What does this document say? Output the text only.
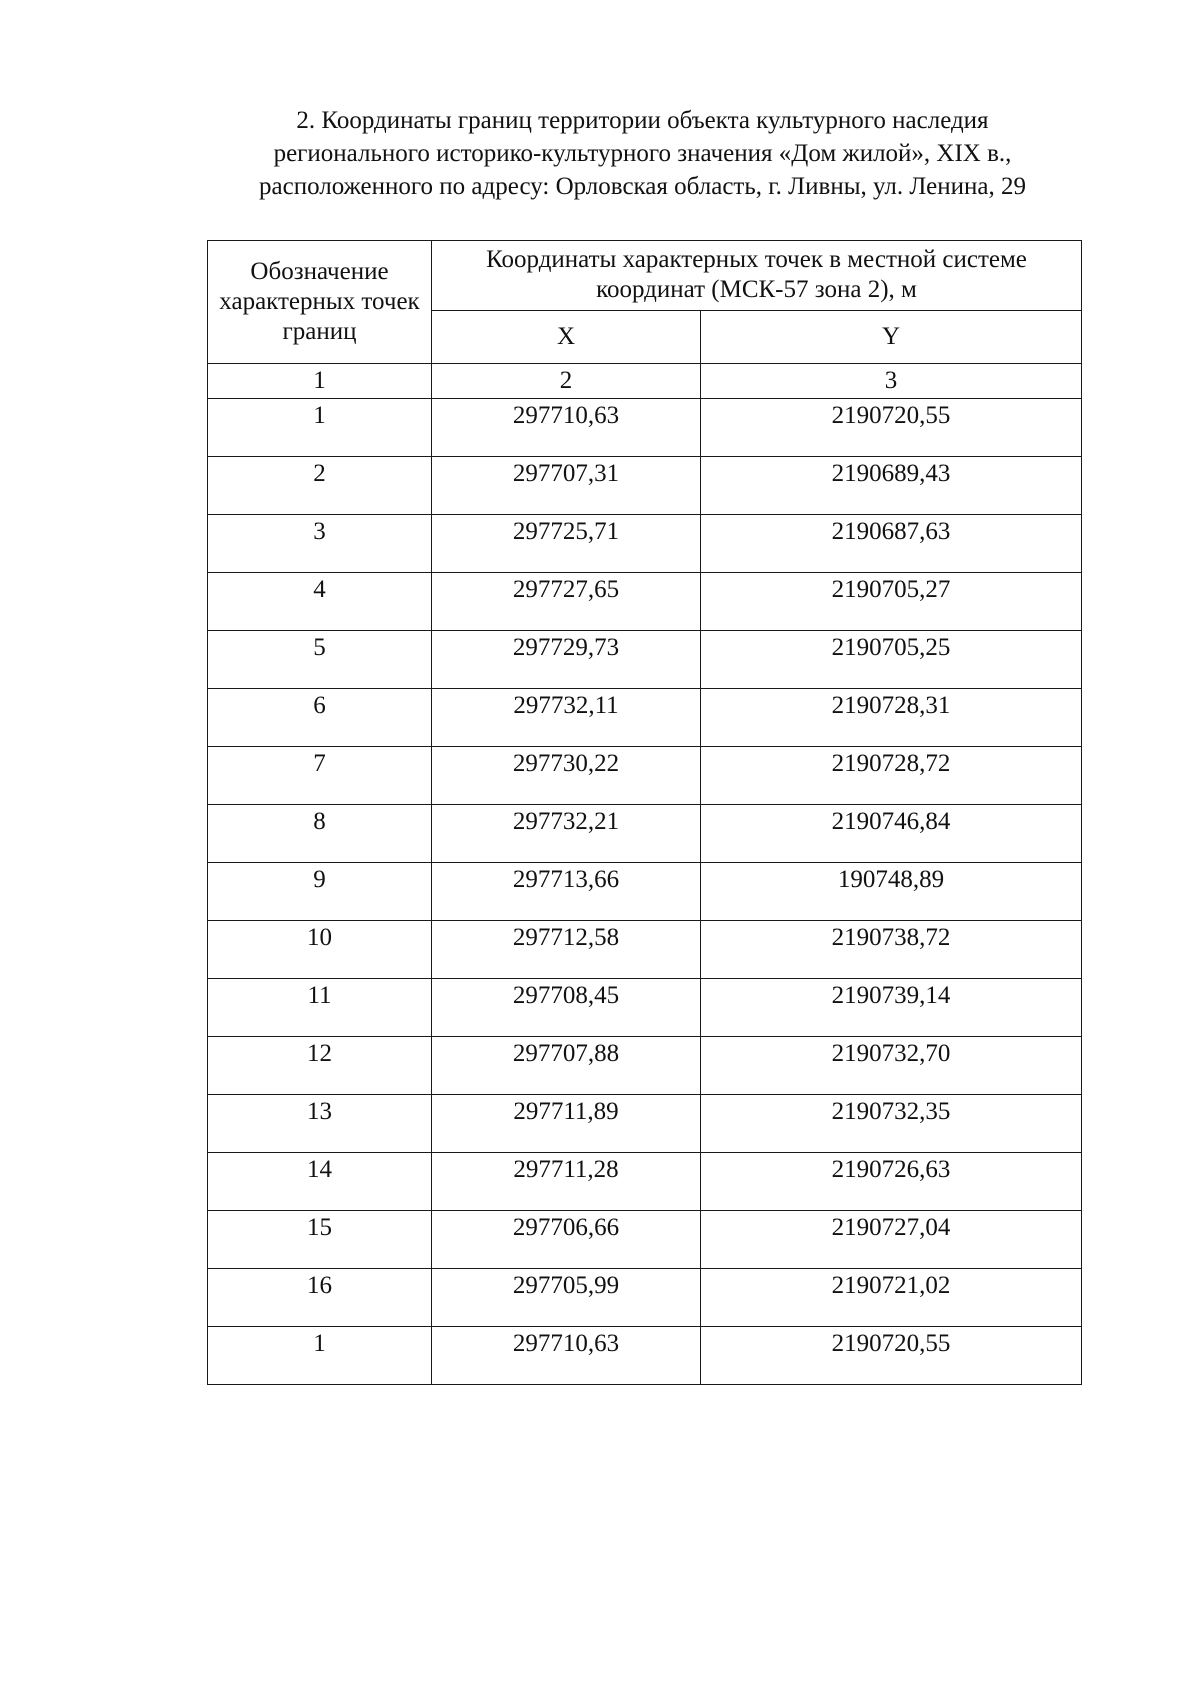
2. Координаты границ территории объекта культурного наследия
регионального историко-культурного значения «Дом жилой», XIX в.,
расположенного по адресу: Орловская область, г. Ливны, ул. Ленина, 29
Обозначение характерных точек границ	Координаты характерных точек в местной системе координат (МСК-57 зона 2), м	
	X	Y
1	2	3
1	297710,63	2190720,55
2	297707,31	2190689,43
3	297725,71	2190687,63
4	297727,65	2190705,27
5	297729,73	2190705,25
6	297732,11	2190728,31
7	297730,22	2190728,72
8	297732,21	2190746,84
9	297713,66	190748,89
10	297712,58	2190738,72
11	297708,45	2190739,14
12	297707,88	2190732,70
13	297711,89	2190732,35
14	297711,28	2190726,63
15	297706,66	2190727,04
16	297705,99	2190721,02
1	297710,63	2190720,55
